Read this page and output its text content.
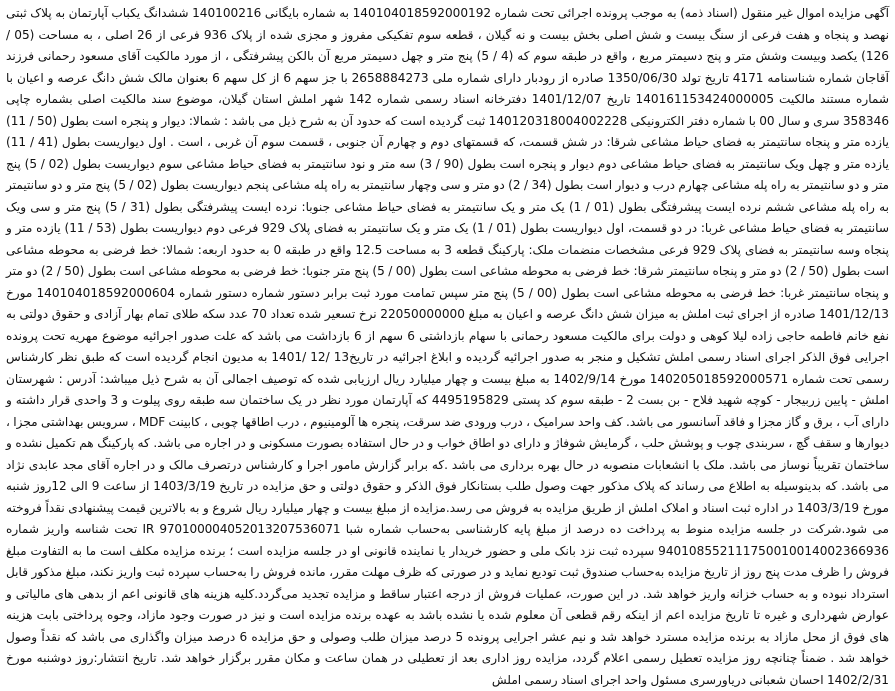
آگهی مزایده اموال غیر منقول (اسناد ذمه) به موجب پرونده اجرائی تحت شماره 140104018592000192 به شماره بایگانی 140100216 ششدانگ یکباب آپارتمان به پلاک ثبتی نهصد و پنجاه و هفت فرعی از سنگ بیست و شش اصلی بخش بیست و نه گیلان ، قطعه سوم تفکیکی مفروز و مجزی شده از پلاک 936 فرعی از 26 اصلی ، به مساحت (05 / 126) یکصد وبیست وشش متر و پنج دسیمتر مربع ، واقع در طبقه سوم که (4 / 5) پنج متر و چهل دسیمتر مربع آن بالکن پیشرفتگی ، از مورد مالکیت آقای مسعود رحمانی فرزند آقاجان شماره شناسنامه 4171 تاریخ تولد 1350/06/30 صادره از رودبار دارای شماره ملی 2658884273 با جز سهم 6 از کل سهم 6 بعنوان مالک شش دانگ عرصه و اعیان با شماره مستند مالکیت 140161153424000005 تاریخ 1401/12/07 دفترخانه اسناد رسمی شماره 142 شهر املش استان گیلان، موضوع سند مالکیت اصلی بشماره چاپی 358346 سری و سال 00 با شماره دفتر الکترونیکی 140120318004002228 ثبت گردیده است که حدود آن به شرح ذیل می باشد : شمالا: دیوار و پنجره است بطول (50 / 11) یازده متر و پنجاه سانتیمتر به فضای حیاط مشاعی شرقا: در شش قسمت، که قسمتهای دوم و چهارم آن جنوبی ، قسمت سوم آن غربی ، است . اول دیواریست بطول (41 / 11) یازده متر و چهل ویک سانتیمتر به فضای حیاط مشاعی دوم دیوار و پنجره است بطول (90 / 3) سه متر و نود سانتیمتر به فضای حیاط مشاعی سوم دیواریست بطول (02 / 5) پنج متر و دو سانتیمتر به راه پله مشاعی چهارم درب و دیوار است بطول (34 / 2) دو متر و سی وچهار سانتیمتر به راه پله مشاعی پنجم دیواریست بطول (02 / 5) پنج متر و دو سانتیمتر به راه پله مشاعی ششم نرده ایست پیشرفتگی بطول (01 / 1) یک متر و یک سانتیمتر به فضای حیاط مشاعی جنوبا: نرده ایست پیشرفتگی بطول (31 / 5) پنج متر و سی ویک سانتیمتر به فضای حیاط مشاعی غربا: در دو قسمت، اول دیواریست بطول (01 / 1) یک متر و یک سانتیمتر به فضای پلاک 929 فرعی دوم دیواریست بطول (53 / 11) یازده متر و پنجاه وسه سانتیمتر به فضای پلاک 929 فرعی مشخصات منضمات ملک: پارکینگ قطعه 3 به مساحت 12.5 واقع در طبقه 0 به حدود اربعه: شمالا: خط فرضی به محوطه مشاعی است بطول (50 / 2) دو متر و پنجاه سانتیمتر شرقا: خط فرضی به محوطه مشاعی است بطول (00 / 5) پنج متر جنوبا: خط فرضی به محوطه مشاعی است بطول (50 / 2) دو متر و پنجاه سانتیمتر غربا: خط فرضی به محوطه مشاعی است بطول (00 / 5) پنج متر سپس تمامت مورد ثبت برابر دستور شماره دستور شماره 140104018592000604 مورخ 1401/12/13 صادره از اجرای ثبت املش به میزان شش دانگ عرصه و اعیان به مبلغ 22050000000 نرخ تسعیر شده تعداد 70 عدد سکه طلای تمام بهار آزادی و حقوق دولتی به نفع خانم فاطمه حاجی زاده لیلا کوهی و دولت برای مالکیت مسعود رحمانی با سهام بازداشتی 6 سهم از 6 بازداشت می باشد که علت صدور اجرائیه موضوع مهریه تحت پرونده اجرایی فوق الذکر اجرای اسناد رسمی املش تشکیل و منجر به صدور اجرائیه گردیده و ابلاغ اجرائیه در تاریخ13 /12 /1401 به مدیون انجام گردیده است که طبق نظر کارشناس رسمی تحت شماره 140205018592000571 مورخ 1402/9/14 به مبلغ بیست و چهار میلیارد ریال ارزیابی شده که توصیف اجمالی آن به شرح ذیل میباشد: آدرس : شهرستان املش - پایین زربیجار - کوچه شهید فلاح - بن بست 2 - طبقه سوم کد پستی 4495195829 که آپارتمان مورد نظر در یک ساختمان سه طبقه روی پیلوت و 3 واحدی قرار داشته و دارای آب ، برق و گاز مجزا و فاقد آسانسور می باشد. کف واحد سرامیک ، درب ورودی ضد سرقت، پنجره ها آلومینیوم ، درب اطاقها چوبی ، کابینت MDF ، سرویس بهداشتی مجزا ، دیوارها و سقف گچ ، سربندی چوب و پوشش حلب ، گرمایش شوفاژ و دارای دو اطاق خواب و در حال استفاده بصورت مسکونی و در اجاره می باشد. که پارکینگ هم تکمیل نشده و ساختمان تقریباً نوساز می باشد. ملک با انشعابات منصوبه در حال بهره برداری می باشد .که برابر گزارش مامور اجرا و کارشناس درتصرف مالک و در اجاره آقای مجد عابدی نژاد می باشد. که بدینوسیله به اطلاع می رساند که پلاک مذکور جهت وصول طلب بستانکار فوق الذکر و حقوق دولتی و حق مزایده در تاریخ 1403/3/19 از ساعت 9 الی 12روز شنبه مورخ 1403/3/19 در اداره ثبت اسناد و املاک املش از طریق مزایده به فروش می رسد.مزایده از مبلغ بیست و چهار میلیارد ریال شروع و به بالاترین قیمت پیشنهادی نقداً فروخته می شود.شرکت در جلسه مزایده منوط به پرداخت ده درصد از مبلغ پایه کارشناسی به‌حساب شماره شبا IR 970100004052013207536071 تحت شناسه واریز شماره 940108552111750010014002366936 سپرده ثبت نزد بانک ملی و حضور خریدار یا نماینده قانونی او در جلسه مزایده است ؛ برنده مزایده مکلف است ما به التفاوت مبلغ فروش را ظرف مدت پنج روز از تاریخ مزایده به‌حساب صندوق ثبت تودیع نماید و در صورتی که ظرف مهلت مقرر، مانده فروش را به‌حساب سپرده ثبت واریز نکند، مبلغ مذکور قابل استرداد نبوده و به حساب خزانه واریز خواهد شد. در این صورت، عملیات فروش از درجه اعتبار ساقط و مزایده تجدید می‌گردد.کلیه هزینه های قانونی اعم از بدهی های مالیاتی و عوارض شهرداری و غیره تا تاریخ مزایده اعم از اینکه رقم قطعی آن معلوم شده یا نشده باشد به عهده برنده مزایده است و نیز در صورت وجود مازاد، وجوه پرداختی بابت هزینه های فوق از محل مازاد به برنده مزایده مسترد خواهد شد و نیم عشر اجرایی پرونده 5 درصد میزان طلب وصولی و حق مزایده 6 درصد میزان واگذاری می باشد که نقداً وصول خواهد شد . ضمناً چنانچه روز مزایده تعطیل رسمی اعلام گردد، مزایده روز اداری بعد از تعطیلی در همان ساعت و مکان مقرر برگزار خواهد شد. تاریخ انتشار:روز دوشنبه مورخ 1402/2/31 احسان شعبانی دریاورسری مسئول واحد اجرای اسناد رسمی املش
